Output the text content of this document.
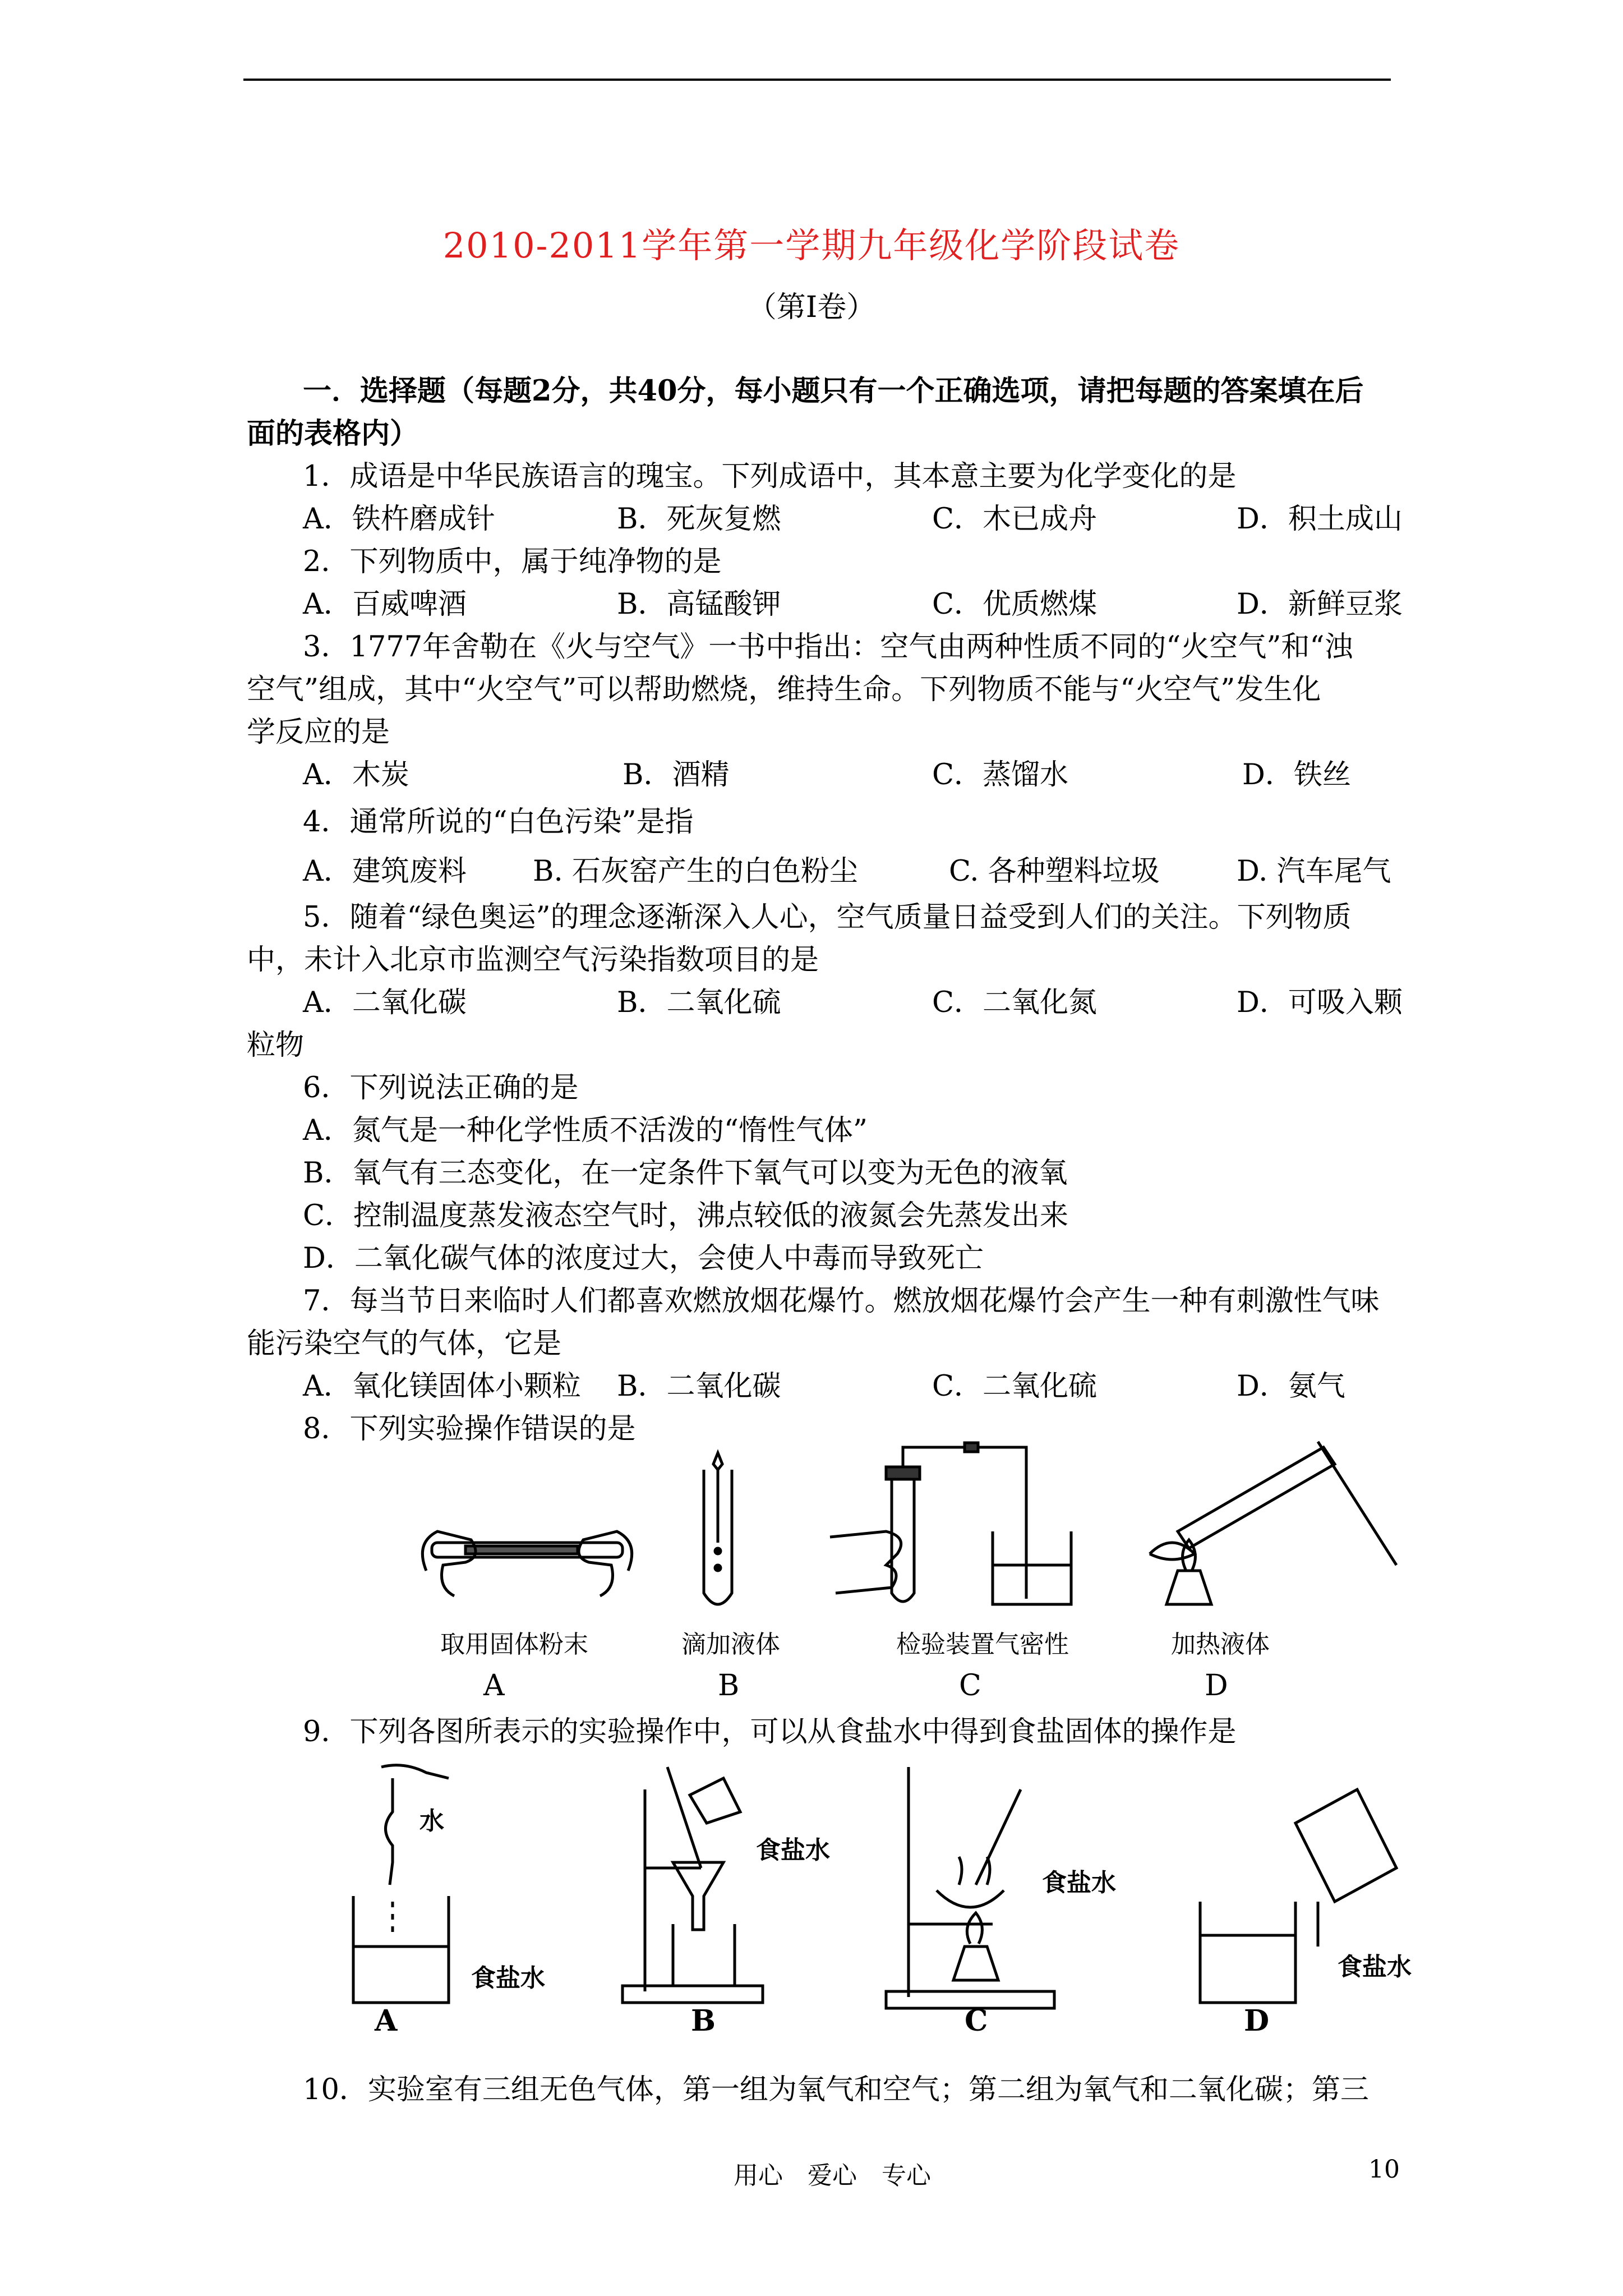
2010-2011学年第一学期九年级化学阶段试卷
（第Ⅰ卷）
一．选择题（每题2分，共40分，每小题只有一个正确选项，请把每题的答案填在后
面的表格内）
1．成语是中华民族语言的瑰宝。下列成语中，其本意主要为化学变化的是
A．铁杵磨成针	B．死灰复燃	C．木已成舟	D．积土成山
2．下列物质中，属于纯净物的是
A．百威啤酒	B．高锰酸钾	C．优质燃煤	D．新鲜豆浆
3．1777年舍勒在《火与空气》一书中指出：空气由两种性质不同的“火空气”和“浊
空气”组成，其中“火空气”可以帮助燃烧，维持生命。下列物质不能与“火空气”发生化
学反应的是
A．木炭	B．酒精	C．蒸馏水	D．铁丝
4．通常所说的“白色污染”是指
A．建筑废料 B. 石灰窑产生的白色粉尘	C. 各种塑料垃圾	D. 汽车尾气
5．随着“绿色奥运”的理念逐渐深入人心，空气质量日益受到人们的关注。下列物质
中，未计入北京市监测空气污染指数项目的是
A．二氧化碳	B．二氧化硫	C．二氧化氮	D．可吸入颗
粒物
6．下列说法正确的是
A．氮气是一种化学性质不活泼的“惰性气体”
B．氧气有三态变化，在一定条件下氧气可以变为无色的液氧
C．控制温度蒸发液态空气时，沸点较低的液氮会先蒸发出来
D．二氧化碳气体的浓度过大，会使人中毒而导致死亡
7．每当节日来临时人们都喜欢燃放烟花爆竹。燃放烟花爆竹会产生一种有刺激性气味
能污染空气的气体，它是
A．氧化镁固体小颗粒 B．二氧化碳	C．二氧化硫	D．氨气
8．下列实验操作错误的是
取用固体粉末	滴加液体	检验装置气密性	加热液体
A	B	C	D
9．下列各图所表示的实验操作中，可以从食盐水中得到食盐固体的操作是
水
食盐水
食盐水
食盐水
食盐水
A	B	C	D
10．实验室有三组无色气体，第一组为氧气和空气；第二组为氧气和二氧化碳；第三
用心　爱心　专心	10
